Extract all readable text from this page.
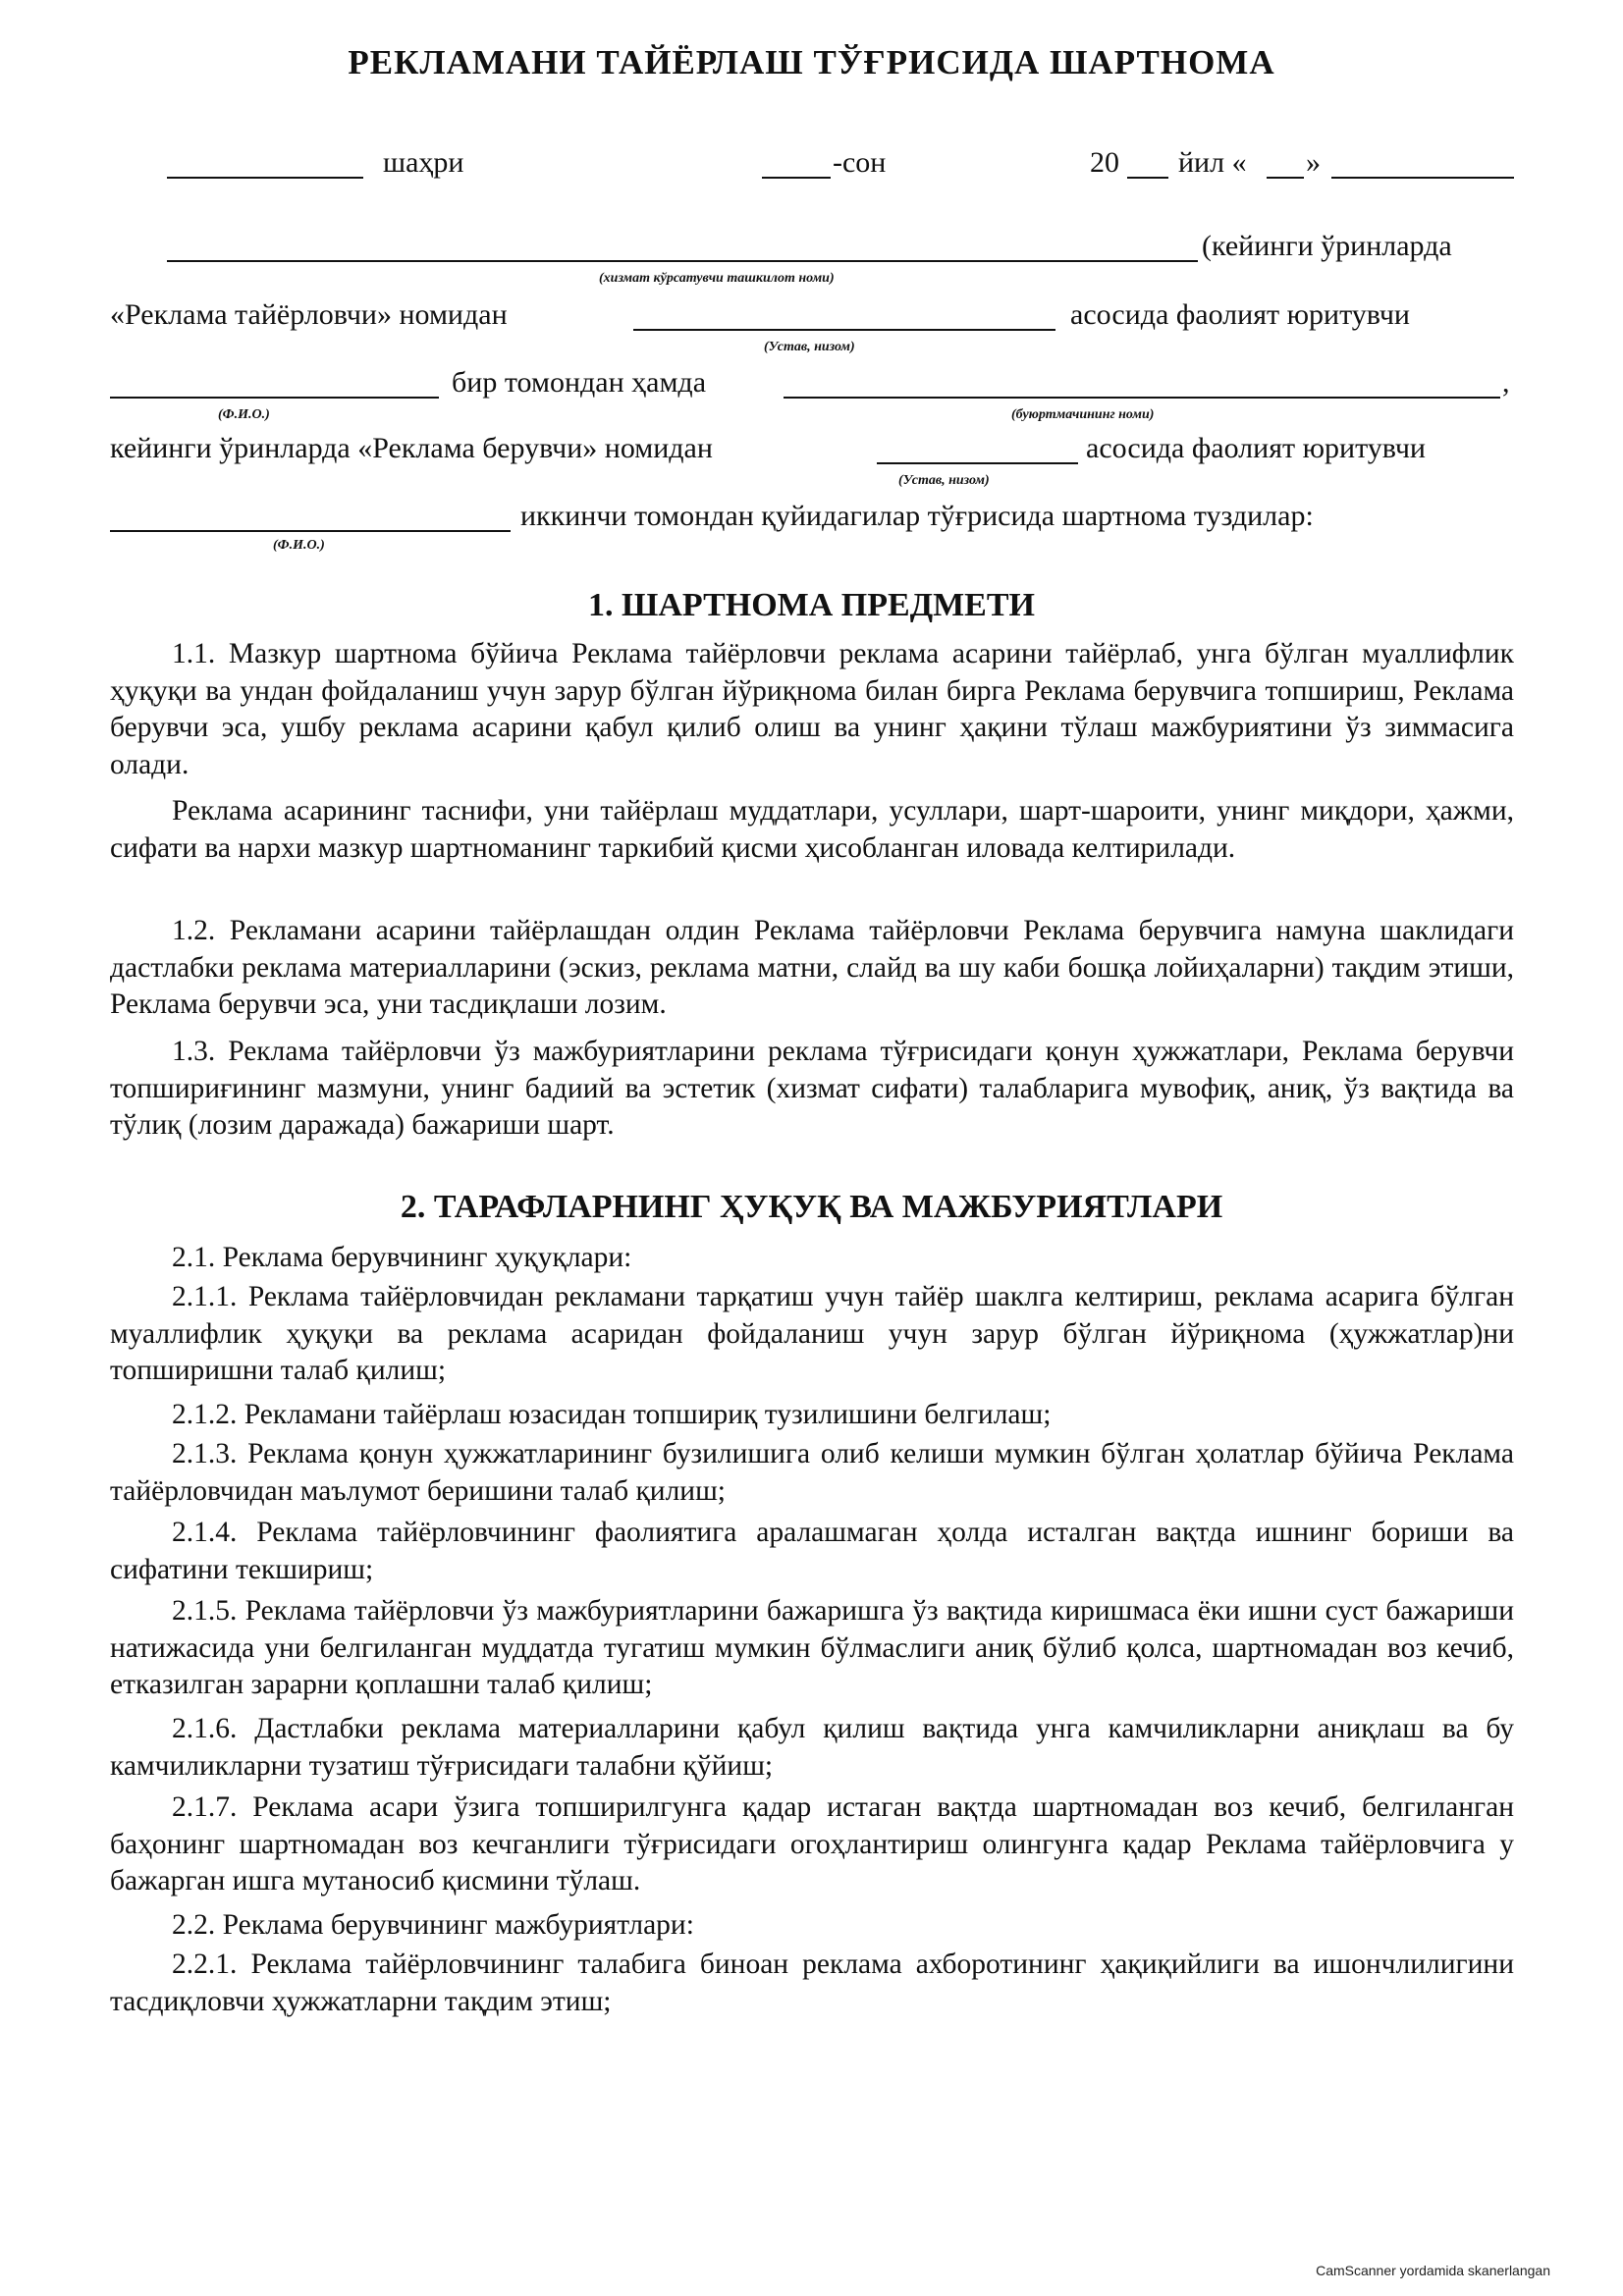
РЕКЛАМАНИ ТАЙЁРЛАШ ТЎҒРИСИДА ШАРТНОМА
шаҳри	-сон	20 йил « »
(кейинги ўринларда
(хизмат кўрсатувчи ташкилот номи)
«Реклама тайёрловчи» номидан	асосида фаолият юритувчи
(Устав, низом)
бир томондан ҳамда	,
(Ф.И.О.)	(буюртмачининг номи)
кейинги ўринларда «Реклама берувчи» номидан	асосида фаолият юритувчи
(Устав, низом)
иккинчи томондан қуйидагилар тўғрисида шартнома туздилар:
(Ф.И.О.)
1. ШАРТНОМА ПРЕДМЕТИ
1.1. Мазкур шартнома бўйича Реклама тайёрловчи реклама асарини тайёрлаб, унга бўлган муаллифлик ҳуқуқи ва ундан фойдаланиш учун зарур бўлган йўриқнома билан бирга Реклама берувчига топшириш, Реклама берувчи эса, ушбу реклама асарини қабул қилиб олиш ва унинг ҳақини тўлаш мажбуриятини ўз зиммасига олади.
Реклама асарининг таснифи, уни тайёрлаш муддатлари, усуллари, шарт-шароити, унинг миқдори, ҳажми, сифати ва нархи мазкур шартноманинг таркибий қисми ҳисобланган иловада келтирилади.
1.2. Рекламани асарини тайёрлашдан олдин Реклама тайёрловчи Реклама берувчига намуна шаклидаги дастлабки реклама материалларини (эскиз, реклама матни, слайд ва шу каби бошқа лойиҳаларни) тақдим этиши, Реклама берувчи эса, уни тасдиқлаши лозим.
1.3. Реклама тайёрловчи ўз мажбуриятларини реклама тўғрисидаги қонун ҳужжатлари, Реклама берувчи топшириғининг мазмуни, унинг бадиий ва эстетик (хизмат сифати) талабларига мувофиқ, аниқ, ўз вақтида ва тўлиқ (лозим даражада) бажариши шарт.
2. ТАРАФЛАРНИНГ ҲУҚУҚ ВА МАЖБУРИЯТЛАРИ
2.1. Реклама берувчининг ҳуқуқлари:
2.1.1. Реклама тайёрловчидан рекламани тарқатиш учун тайёр шаклга келтириш, реклама асарига бўлган муаллифлик ҳуқуқи ва реклама асаридан фойдаланиш учун зарур бўлган йўриқнома (ҳужжатлар)ни топширишни талаб қилиш;
2.1.2. Рекламани тайёрлаш юзасидан топшириқ тузилишини белгилаш;
2.1.3. Реклама қонун ҳужжатларининг бузилишига олиб келиши мумкин бўлган ҳолатлар бўйича Реклама тайёрловчидан маълумот беришини талаб қилиш;
2.1.4. Реклама тайёрловчининг фаолиятига аралашмаган ҳолда исталган вақтда ишнинг бориши ва сифатини текшириш;
2.1.5. Реклама тайёрловчи ўз мажбуриятларини бажаришга ўз вақтида киришмаса ёки ишни суст бажариши натижасида уни белгиланган муддатда тугатиш мумкин бўлмаслиги аниқ бўлиб қолса, шартномадан воз кечиб, етказилган зарарни қоплашни талаб қилиш;
2.1.6. Дастлабки реклама материалларини қабул қилиш вақтида унга камчиликларни аниқлаш ва бу камчиликларни тузатиш тўғрисидаги талабни қўйиш;
2.1.7. Реклама асари ўзига топширилгунга қадар истаган вақтда шартномадан воз кечиб, белгиланган баҳонинг шартномадан воз кечганлиги тўғрисидаги огоҳлантириш олингунга қадар Реклама тайёрловчига у бажарган ишга мутаносиб қисмини тўлаш.
2.2. Реклама берувчининг мажбуриятлари:
2.2.1. Реклама тайёрловчининг талабига биноан реклама ахборотининг ҳақиқийлиги ва ишончлилигини тасдиқловчи ҳужжатларни тақдим этиш;
CamScanner yordamida skanerlangan
